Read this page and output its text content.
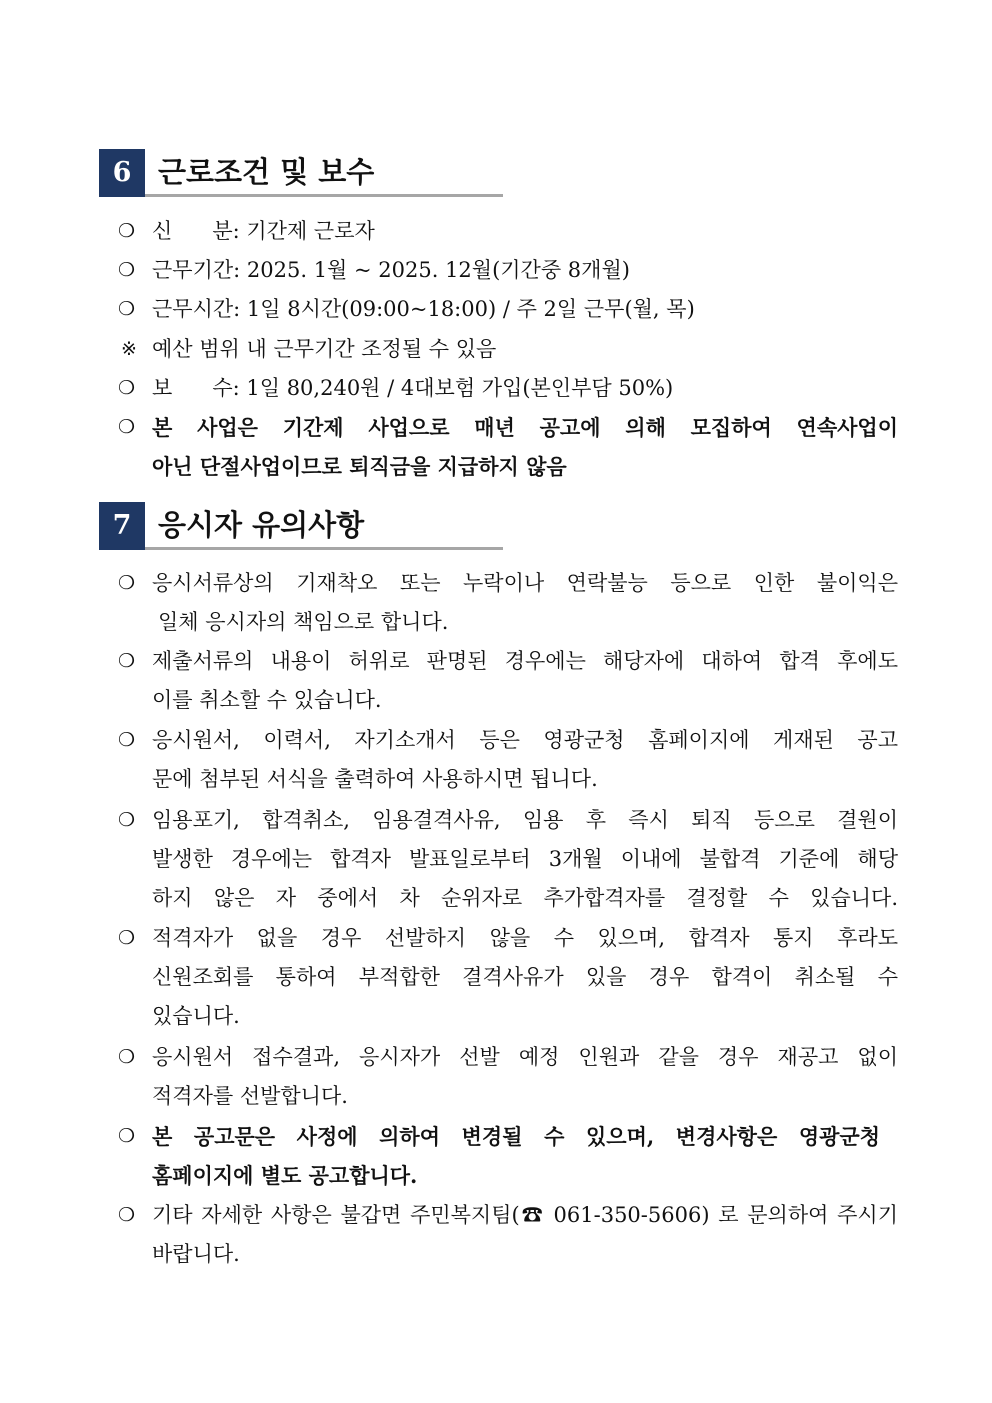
6 근로조건 및 보수
❍ 신      분: 기간제 근로자
❍ 근무기간: 2025. 1월 ~ 2025. 12월(기간중 8개월)
❍ 근무시간: 1일 8시간(09:00~18:00) / 주 2일 근무(월, 목)
※ 예산 범위 내 근무기간 조정될 수 있음
❍ 보      수: 1일 80,240원 / 4대보험 가입(본인부담 50%)
❍ 본 사업은 기간제 사업으로 매년 공고에 의해 모집하여 연속사업이
아닌 단절사업이므로 퇴직금을 지급하지 않음
7 응시자 유의사항
❍ 응시서류상의 기재착오 또는 누락이나 연락불능 등으로 인한 불이익은
일체 응시자의 책임으로 합니다.
❍ 제출서류의 내용이 허위로 판명된 경우에는 해당자에 대하여 합격 후에도
이를 취소할 수 있습니다.
❍ 응시원서, 이력서, 자기소개서 등은 영광군청 홈페이지에 게재된 공고
문에 첨부된 서식을 출력하여 사용하시면 됩니다.
❍ 임용포기, 합격취소, 임용결격사유, 임용 후 즉시 퇴직 등으로 결원이
발생한 경우에는 합격자 발표일로부터 3개월 이내에 불합격 기준에 해당
하지 않은 자 중에서 차 순위자로 추가합격자를 결정할 수 있습니다.
❍ 적격자가 없을 경우 선발하지 않을 수 있으며, 합격자 통지 후라도
신원조회를 통하여 부적합한 결격사유가 있을 경우 합격이 취소될 수
있습니다.
❍ 응시원서 접수결과, 응시자가 선발 예정 인원과 같을 경우 재공고 없이
적격자를 선발합니다.
❍ 본 공고문은 사정에 의하여 변경될 수 있으며, 변경사항은 영광군청
홈페이지에 별도 공고합니다.
❍ 기타 자세한 사항은 불갑면 주민복지팀(☎ 061-350-5606) 로 문의하여 주시기
바랍니다.
